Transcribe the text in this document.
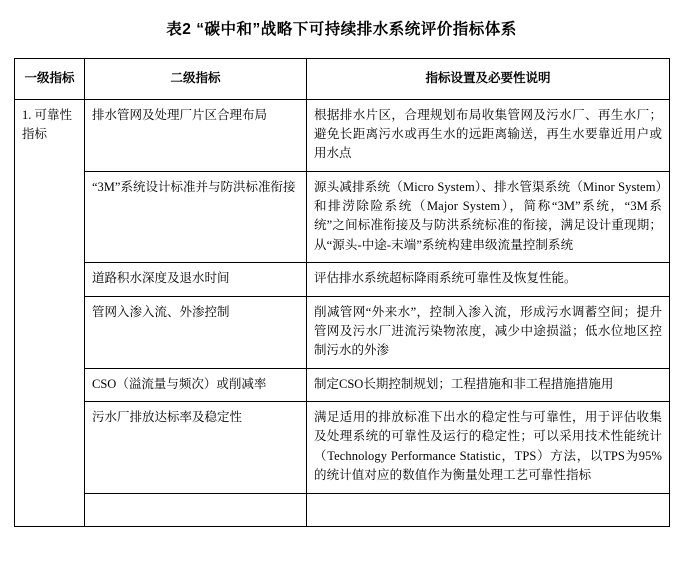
表2 “碳中和”战略下可持续排水系统评价指标体系
一级指标	二级指标	指标设置及必要性说明
1. 可靠性指标	排水管网及处理厂片区合理布局	根据排水片区，合理规划布局收集管网及污水厂、再生水厂；避免长距离污水或再生水的远距离输送，再生水要靠近用户或用水点
	“3M”系统设计标准并与防洪标准衔接	源头减排系统（Micro System）、排水管渠系统（Minor System）和排涝除险系统（Major System），简称“3M”系统，“3M系统”之间标准衔接及与防洪系统标准的衔接，满足设计重现期；从“源头-中途-末端”系统构建串级流量控制系统
	道路积水深度及退水时间	评估排水系统超标降雨系统可靠性及恢复性能。
	管网入渗入流、外渗控制	削减管网“外来水”，控制入渗入流，形成污水调蓄空间；提升管网及污水厂进流污染物浓度，减少中途损溢；低水位地区控制污水的外渗
	CSO（溢流量与频次）或削减率	制定CSO长期控制规划；工程措施和非工程措施措施用
	污水厂排放达标率及稳定性	满足适用的排放标准下出水的稳定性与可靠性，用于评估收集及处理系统的可靠性及运行的稳定性；可以采用技术性能统计（Technology Performance Statistic，TPS）方法，以TPS为95%的统计值对应的数值作为衡量处理工艺可靠性指标
